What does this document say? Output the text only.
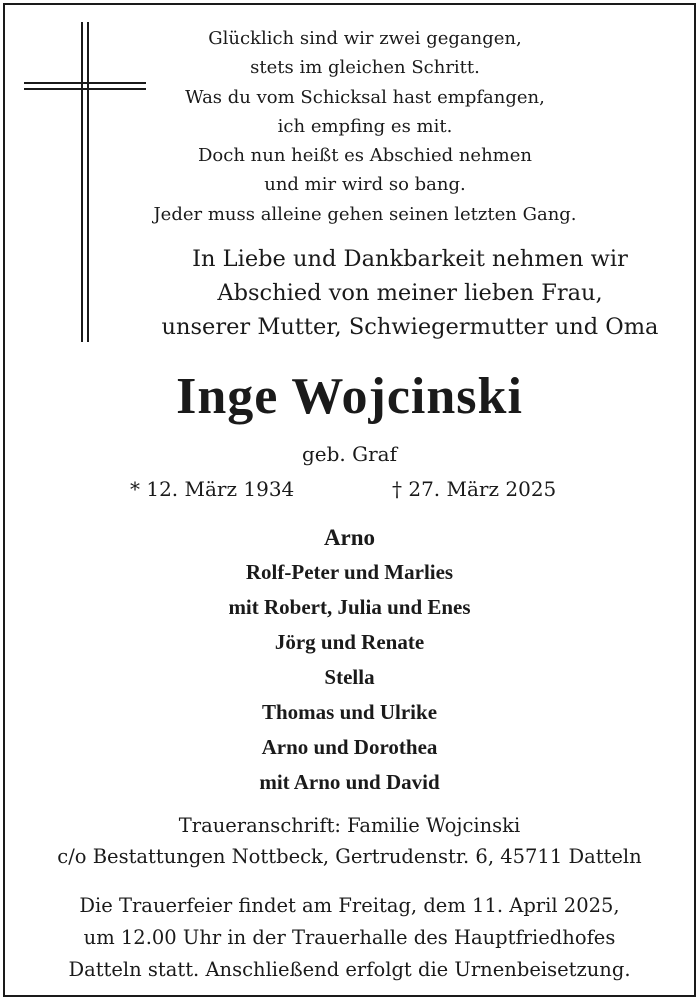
Glücklich sind wir zwei gegangen,
stets im gleichen Schritt.
Was du vom Schicksal hast empfangen,
ich empfing es mit.
Doch nun heißt es Abschied nehmen
und mir wird so bang.
Jeder muss alleine gehen seinen letzten Gang.
In Liebe und Dankbarkeit nehmen wir
Abschied von meiner lieben Frau,
unserer Mutter, Schwiegermutter und Oma
Inge Wojcinski
geb. Graf
* 12. März 1934	† 27. März 2025
Arno
Rolf-Peter und Marlies
mit Robert, Julia und Enes
Jörg und Renate
Stella
Thomas und Ulrike
Arno und Dorothea
mit Arno und David
Traueranschrift: Familie Wojcinski
c/o Bestattungen Nottbeck, Gertrudenstr. 6, 45711 Datteln
Die Trauerfeier findet am Freitag, dem 11. April 2025,
um 12.00 Uhr in der Trauerhalle des Hauptfriedhofes
Datteln statt. Anschließend erfolgt die Urnenbeisetzung.
